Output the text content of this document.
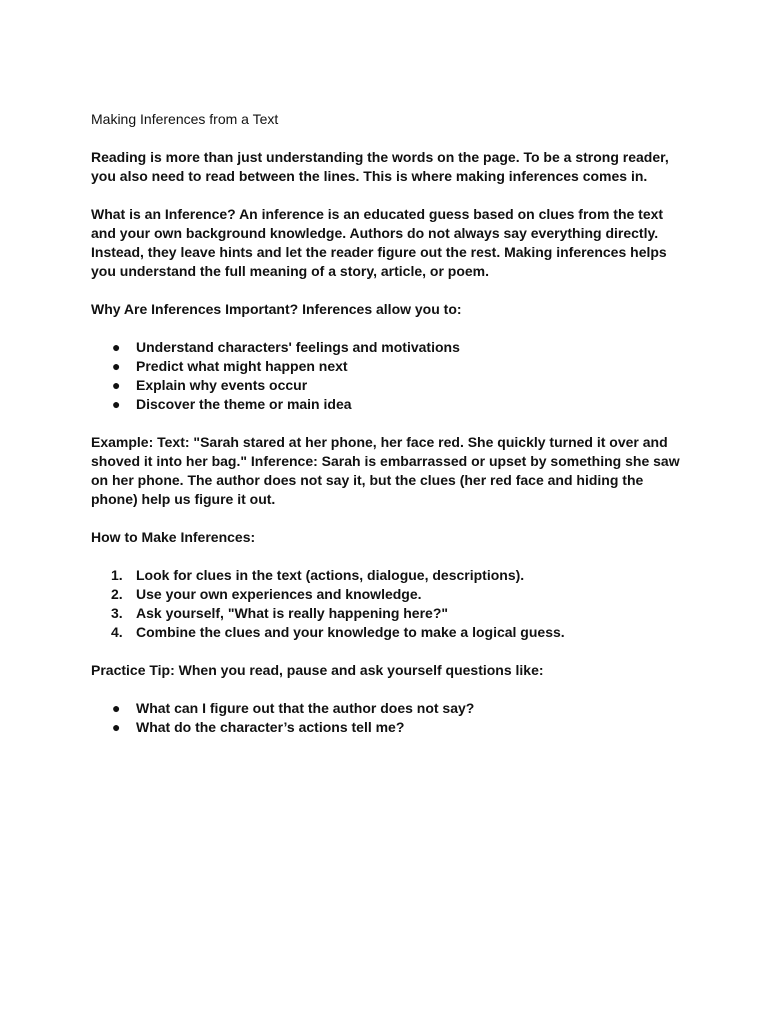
Making Inferences from a Text

Reading is more than just understanding the words on the page. To be a strong reader, you also need to read between the lines. This is where making inferences comes in.

What is an Inference? An inference is an educated guess based on clues from the text and your own background knowledge. Authors do not always say everything directly. Instead, they leave hints and let the reader figure out the rest. Making inferences helps you understand the full meaning of a story, article, or poem.

Why Are Inferences Important? Inferences allow you to:

● Understand characters' feelings and motivations
● Predict what might happen next
● Explain why events occur
● Discover the theme or main idea

Example: Text: "Sarah stared at her phone, her face red. She quickly turned it over and shoved it into her bag." Inference: Sarah is embarrassed or upset by something she saw on her phone. The author does not say it, but the clues (her red face and hiding the phone) help us figure it out.

How to Make Inferences:

1. Look for clues in the text (actions, dialogue, descriptions).
2. Use your own experiences and knowledge.
3. Ask yourself, "What is really happening here?"
4. Combine the clues and your knowledge to make a logical guess.

Practice Tip: When you read, pause and ask yourself questions like:

● What can I figure out that the author does not say?
● What do the character’s actions tell me?
